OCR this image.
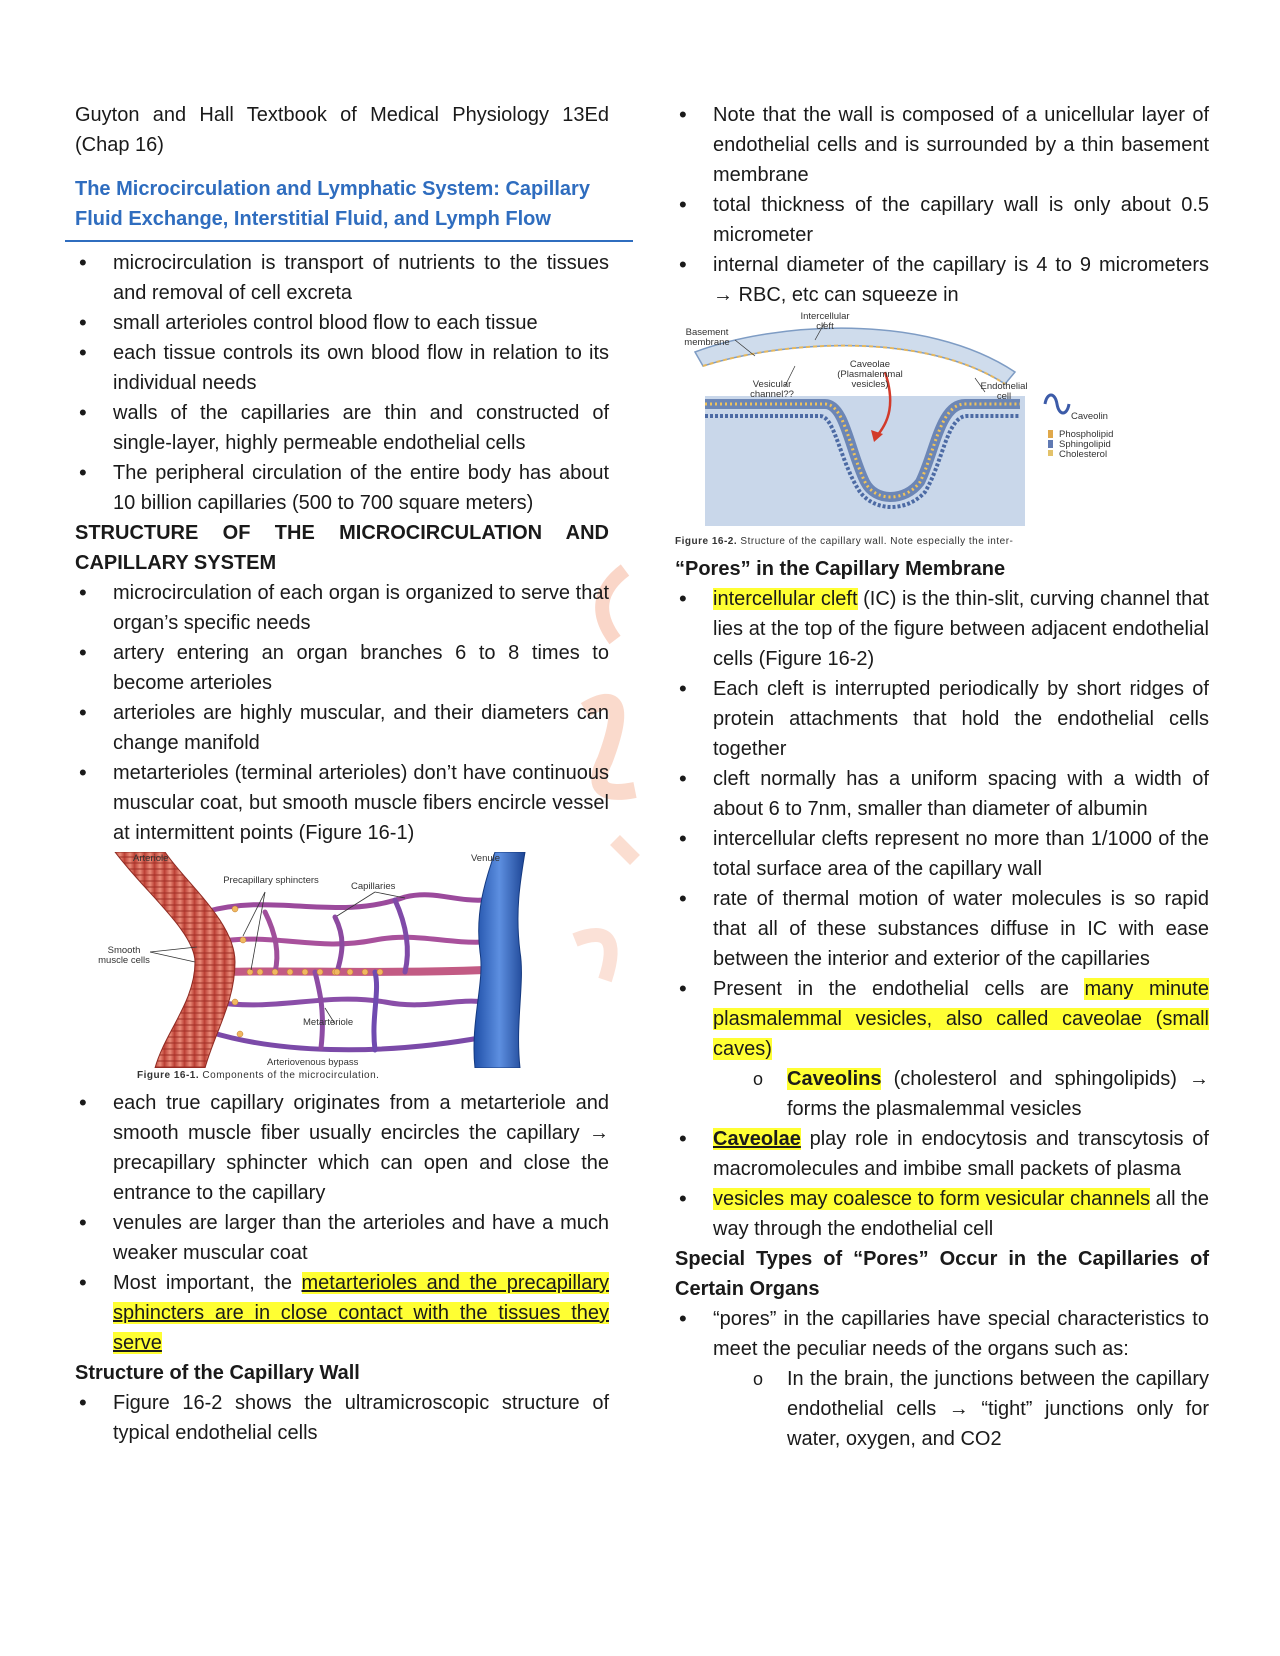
Guyton and Hall Textbook of Medical Physiology 13Ed (Chap 16)

The Microcirculation and Lymphatic System: Capillary Fluid Exchange, Interstitial Fluid, and Lymph Flow

• microcirculation is transport of nutrients to the tissues and removal of cell excreta
• small arterioles control blood flow to each tissue
• each tissue controls its own blood flow in relation to its individual needs
• walls of the capillaries are thin and constructed of single-layer, highly permeable endothelial cells
• The peripheral circulation of the entire body has about 10 billion capillaries (500 to 700 square meters)

STRUCTURE OF THE MICROCIRCULATION AND CAPILLARY SYSTEM

• microcirculation of each organ is organized to serve that organ’s specific needs
• artery entering an organ branches 6 to 8 times to become arterioles
• arterioles are highly muscular, and their diameters can change manifold
• metarterioles (terminal arterioles) don’t have continuous muscular coat, but smooth muscle fibers encircle vessel at intermittent points (Figure 16-1)
Arteriole	Venule
Precapillary sphincters
Capillaries
Smooth muscle cells
Metarteriole
Arteriovenous bypass
Figure 16-1. Components of the microcirculation.
• each true capillary originates from a metarteriole and smooth muscle fiber usually encircles the capillary → precapillary sphincter which can open and close the entrance to the capillary
• venules are larger than the arterioles and have a much weaker muscular coat
• Most important, the metarterioles and the precapillary sphincters are in close contact with the tissues they serve

Structure of the Capillary Wall

• Figure 16-2 shows the ultramicroscopic structure of typical endothelial cells
• Note that the wall is composed of a unicellular layer of endothelial cells and is surrounded by a thin basement membrane
• total thickness of the capillary wall is only about 0.5 micrometer
• internal diameter of the capillary is 4 to 9 micrometers → RBC, etc can squeeze in
Intercellular cleft
Basement membrane
Caveolae (Plasmalemmal vesicles)
Vesicular channel??
Endothelial cell
Caveolin
Phospholipid Sphingolipid Cholesterol
Figure 16-2. Structure of the capillary wall. Note especially the inter-

“Pores” in the Capillary Membrane

• intercellular cleft (IC) is the thin-slit, curving channel that lies at the top of the figure between adjacent endothelial cells (Figure 16-2)
• Each cleft is interrupted periodically by short ridges of protein attachments that hold the endothelial cells together
• cleft normally has a uniform spacing with a width of about 6 to 7nm, smaller than diameter of albumin
• intercellular clefts represent no more than 1/1000 of the total surface area of the capillary wall
• rate of thermal motion of water molecules is so rapid that all of these substances diffuse in IC with ease between the interior and exterior of the capillaries
• Present in the endothelial cells are many minute plasmalemmal vesicles, also called caveolae (small caves)
o Caveolins (cholesterol and sphingolipids) → forms the plasmalemmal vesicles
• Caveolae play role in endocytosis and transcytosis of macromolecules and imbibe small packets of plasma
• vesicles may coalesce to form vesicular channels all the way through the endothelial cell

Special Types of “Pores” Occur in the Capillaries of Certain Organs

• “pores” in the capillaries have special characteristics to meet the peculiar needs of the organs such as:
o In the brain, the junctions between the capillary endothelial cells → “tight” junctions only for water, oxygen, and CO2
